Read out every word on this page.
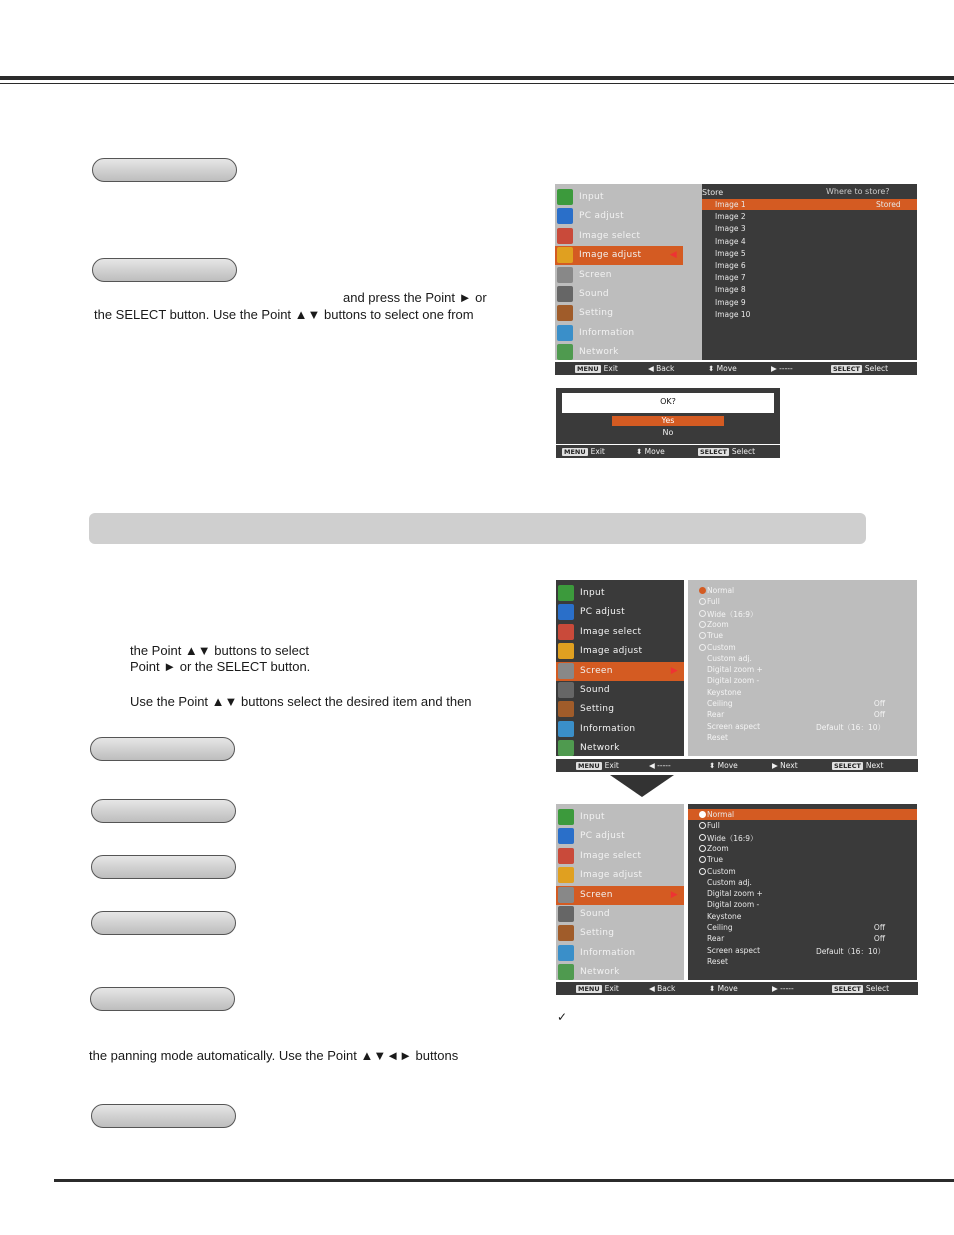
and press the Point ► or
the SELECT button. Use the Point ▲▼ buttons to select one from
the Point ▲▼ buttons to select
Point ► or the SELECT button.
Use the Point ▲▼ buttons select the desired item and then
the panning mode automatically. Use the Point ▲▼◄► buttons
✓
Input
PC adjust
Image select
Image adjust	◀
Screen
Sound
Setting
Information
Network
Store	Where to store?
Image 1	Stored
Image 2
Image 3
Image 4
Image 5
Image 6
Image 7
Image 8
Image 9
Image 10
MENU Exit	◀ Back	⬍ Move	▶ -----	SELECT Select
OK?
Yes
No
MENU Exit	⬍ Move	SELECT Select
Input
PC adjust
Image select
Image adjust
Screen	▶
Sound
Setting
Information
Network
Normal
Full
Wide（16:9）
Zoom
True
Custom
Custom adj.
Digital zoom +
Digital zoom -
Keystone
Ceiling	Off
Rear	Off
Screen aspect	Default（16：10）
Reset
MENU Exit	◀ -----	⬍ Move	▶ Next	SELECT Next
Input
PC adjust
Image select
Image adjust
Screen	▶
Sound
Setting
Information
Network
Normal
Full
Wide（16:9）
Zoom
True
Custom
Custom adj.
Digital zoom +
Digital zoom -
Keystone
Ceiling	Off
Rear	Off
Screen aspect	Default（16：10）
Reset
MENU Exit	◀ Back	⬍ Move	▶ -----	SELECT Select
